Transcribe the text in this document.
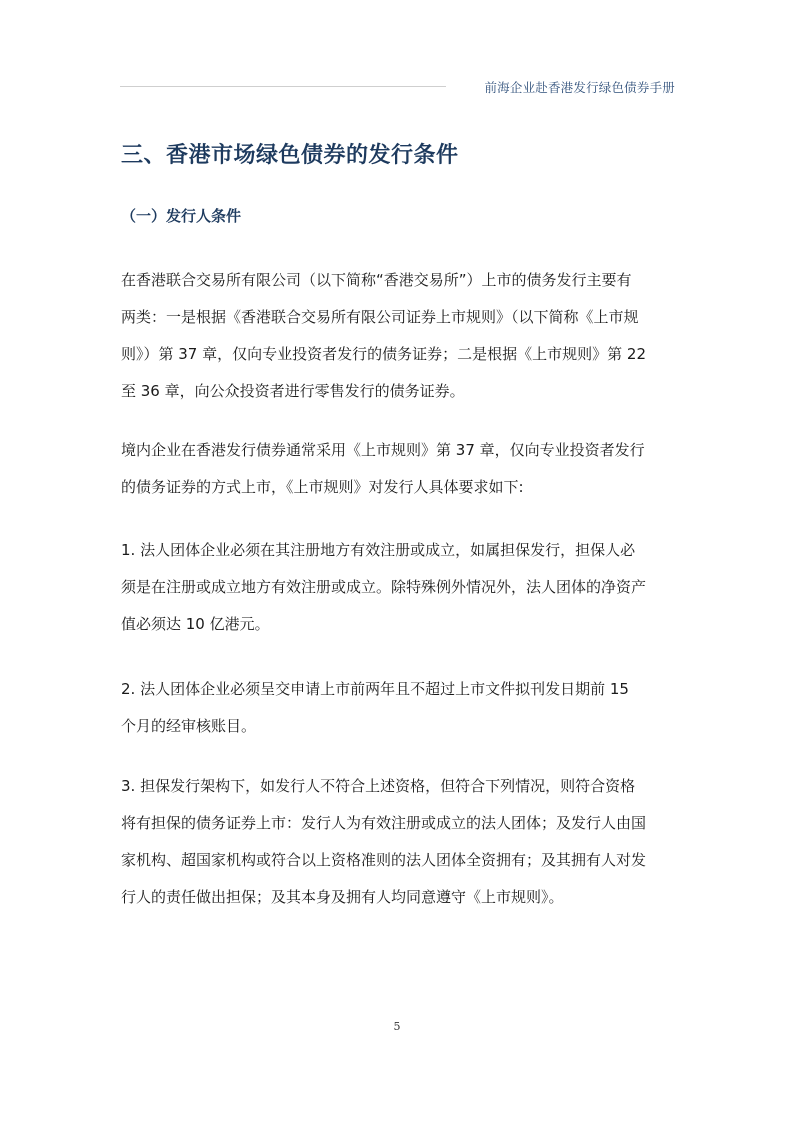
前海企业赴香港发行绿色债券手册
三、香港市场绿色债券的发行条件
（一）发行人条件
在香港联合交易所有限公司（以下简称“香港交易所”）上市的债务发行主要有
两类：一是根据《香港联合交易所有限公司证券上市规则》（以下简称《上市规
则》）第 37 章，仅向专业投资者发行的债务证券；二是根据《上市规则》第 22
至 36 章，向公众投资者进行零售发行的债务证券。
境内企业在香港发行债券通常采用《上市规则》第 37 章，仅向专业投资者发行
的债务证券的方式上市，《上市规则》对发行人具体要求如下:
1. 法人团体企业必须在其注册地方有效注册或成立，如属担保发行，担保人必
须是在注册或成立地方有效注册或成立。除特殊例外情况外，法人团体的净资产
值必须达 10 亿港元。
2. 法人团体企业必须呈交申请上市前两年且不超过上市文件拟刊发日期前 15
个月的经审核账目。
3. 担保发行架构下，如发行人不符合上述资格，但符合下列情况，则符合资格
将有担保的债务证券上市：发行人为有效注册或成立的法人团体；及发行人由国
家机构、超国家机构或符合以上资格准则的法人团体全资拥有；及其拥有人对发
行人的责任做出担保；及其本身及拥有人均同意遵守《上市规则》。
5
